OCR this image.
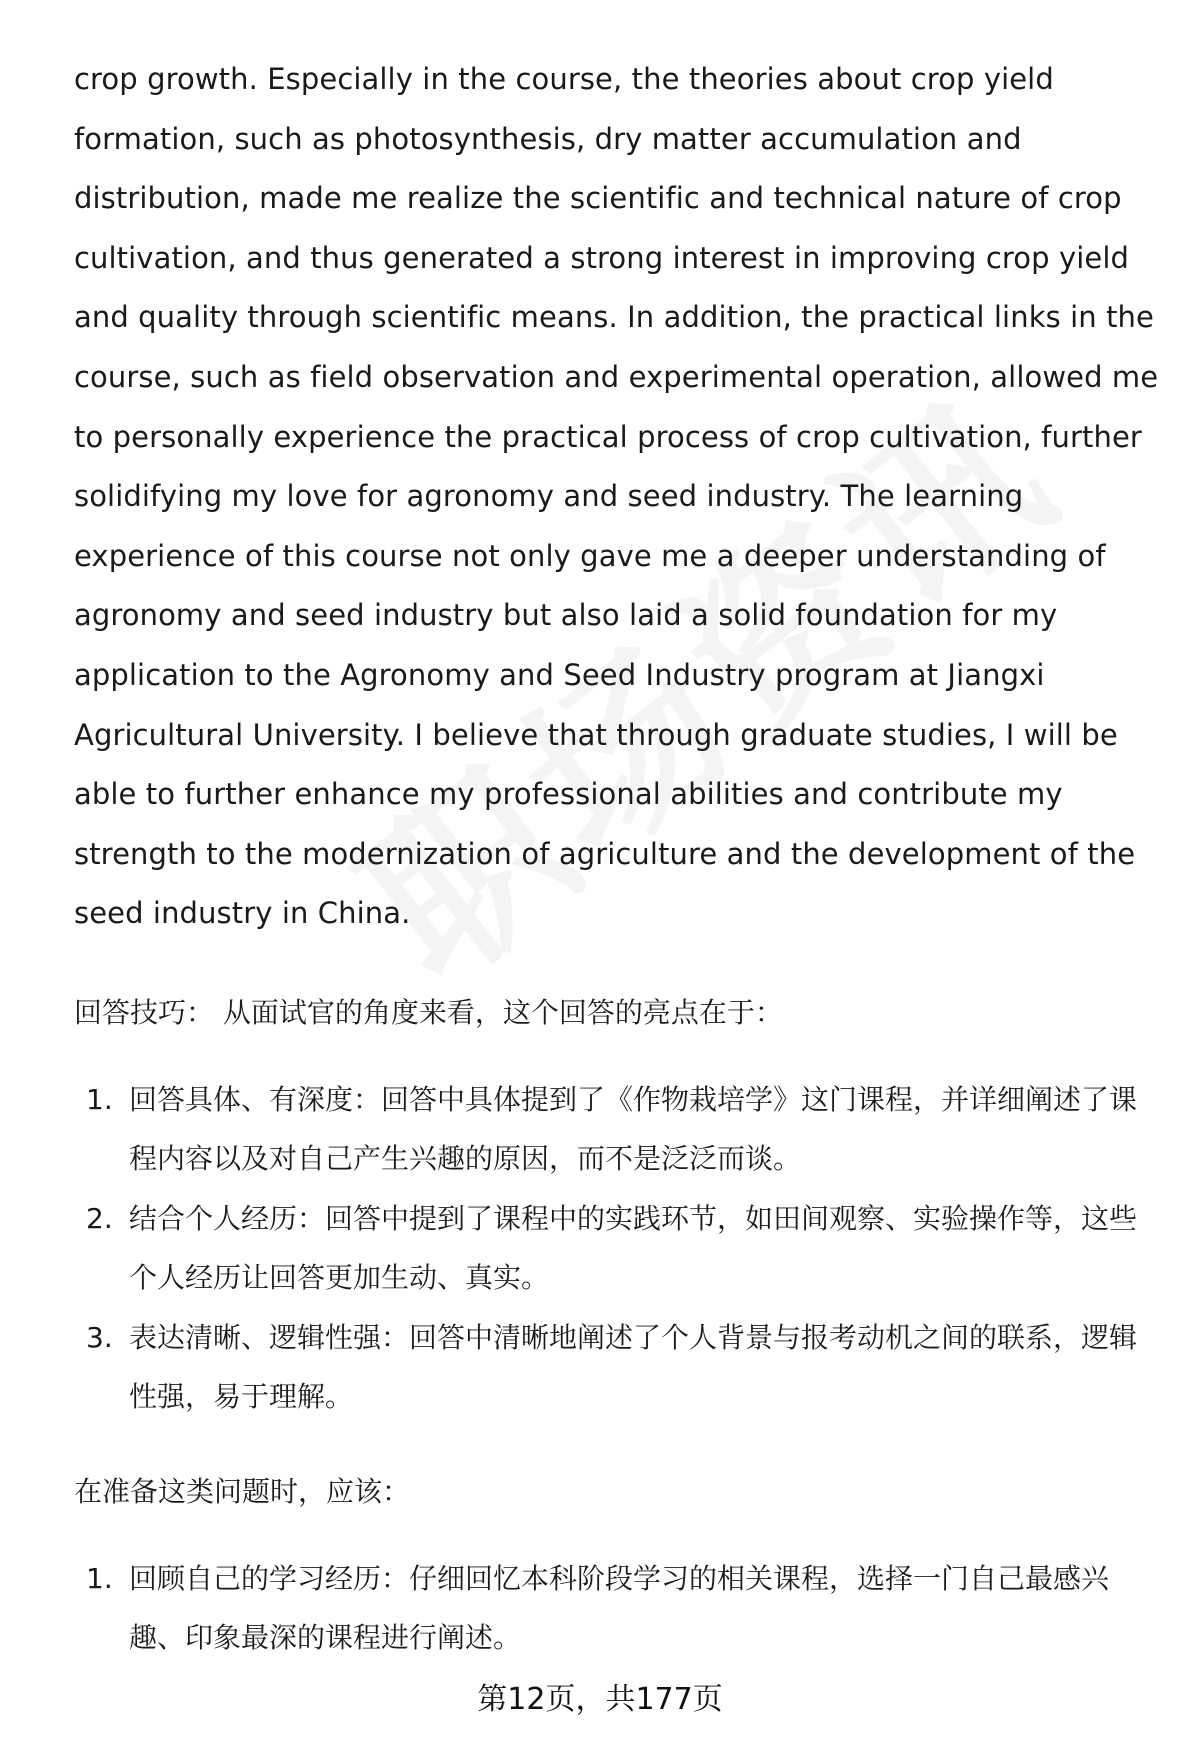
crop growth. Especially in the course, the theories about crop yield formation, such as photosynthesis, dry matter accumulation and distribution, made me realize the scientific and technical nature of crop cultivation, and thus generated a strong interest in improving crop yield and quality through scientific means. In addition, the practical links in the course, such as field observation and experimental operation, allowed me to personally experience the practical process of crop cultivation, further solidifying my love for agronomy and seed industry. The learning experience of this course not only gave me a deeper understanding of agronomy and seed industry but also laid a solid foundation for my application to the Agronomy and Seed Industry program at Jiangxi Agricultural University. I believe that through graduate studies, I will be able to further enhance my professional abilities and contribute my strength to the modernization of agriculture and the development of the seed industry in China.

回答技巧： 从面试官的角度来看，这个回答的亮点在于：

1. 回答具体、有深度：回答中具体提到了《作物栽培学》这门课程，并详细阐述了课程内容以及对自己产生兴趣的原因，而不是泛泛而谈。
2. 结合个人经历：回答中提到了课程中的实践环节，如田间观察、实验操作等，这些个人经历让回答更加生动、真实。
3. 表达清晰、逻辑性强：回答中清晰地阐述了个人背景与报考动机之间的联系，逻辑性强，易于理解。

在准备这类问题时，应该：

1. 回顾自己的学习经历：仔细回忆本科阶段学习的相关课程，选择一门自己最感兴趣、印象最深的课程进行阐述。
第12页，共177页
